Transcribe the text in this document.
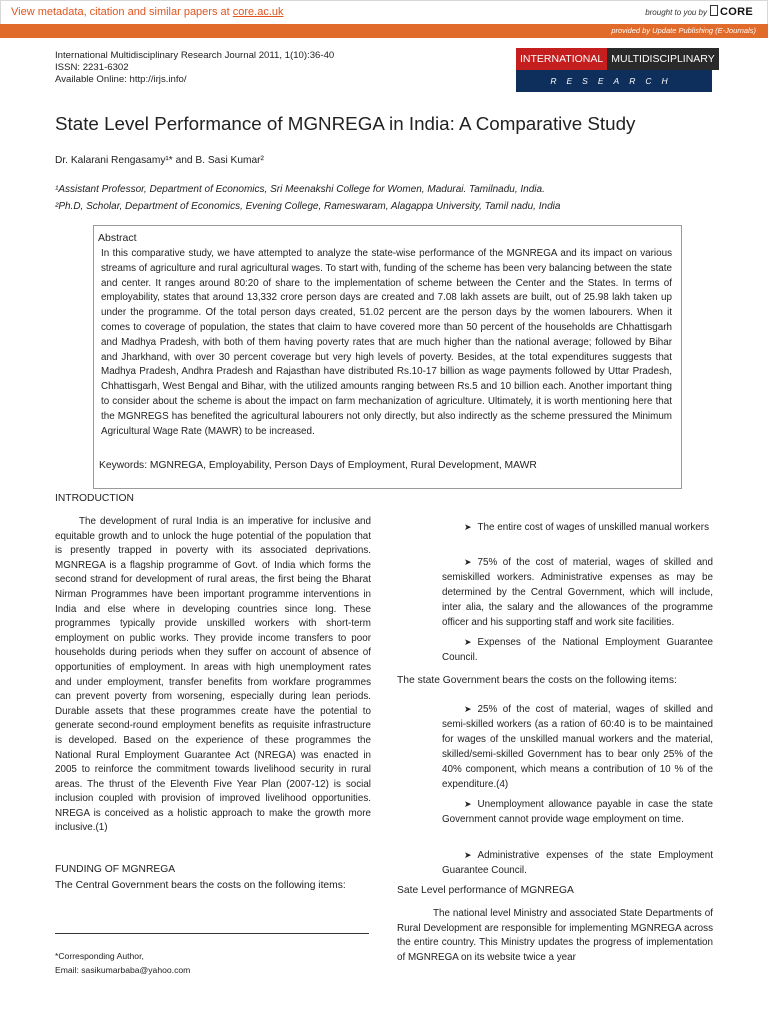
View metadata, citation and similar papers at core.ac.uk	brought to you by CORE
provided by Update Publishing (E-Journals)
International Multidisciplinary Research Journal 2011, 1(10):36-40
ISSN: 2231-6302
Available Online: http://irjs.info/
INTERNATIONAL MULTIDISCIPLINARY
RESEARCH JOURNAL
State Level Performance of MGNREGA in India: A Comparative Study
Dr. Kalarani Rengasamy¹* and B. Sasi Kumar²
¹Assistant Professor, Department of Economics, Sri Meenakshi College for Women, Madurai. Tamilnadu, India.
²Ph.D, Scholar, Department of Economics, Evening College, Rameswaram, Alagappa University, Tamil nadu, India
Abstract
In this comparative study, we have attempted to analyze the state-wise performance of the MGNREGA and its impact on various streams of agriculture and rural agricultural wages. To start with, funding of the scheme has been very balancing between the state and center. It ranges around 80:20 of share to the implementation of scheme between the Center and the States. In terms of employability, states that around 13,332 crore person days are created and 7.08 lakh assets are built, out of 25.98 lakh taken up under the programme. Of the total person days created, 51.02 percent are the person days by the women labourers. When it comes to coverage of population, the states that claim to have covered more than 50 percent of the households are Chhattisgarh and Madhya Pradesh, with both of them having poverty rates that are much higher than the national average; followed by Bihar and Jharkhand, with over 30 percent coverage but very high levels of poverty. Besides, at the total expenditures suggests that Madhya Pradesh, Andhra Pradesh and Rajasthan have distributed Rs.10-17 billion as wage payments followed by Uttar Pradesh, Chhattisgarh, West Bengal and Bihar, with the utilized amounts ranging between Rs.5 and 10 billion each. Another important thing to consider about the scheme is about the impact on farm mechanization of agriculture. Ultimately, it is worth mentioning here that the MGNREGS has benefited the agricultural labourers not only directly, but also indirectly as the scheme pressured the Minimum Agricultural Wage Rate (MAWR) to be increased.
Keywords: MGNREGA, Employability, Person Days of Employment, Rural Development, MAWR
INTRODUCTION
The development of rural India is an imperative for inclusive and equitable growth and to unlock the huge potential of the population that is presently trapped in poverty with its associated deprivations. MGNREGA is a flagship programme of Govt. of India which forms the second strand for development of rural areas, the first being the Bharat Nirman Programmes have been important programme interventions in India and else where in developing countries since long. These programmes typically provide unskilled workers with short-term employment on public works. They provide income transfers to poor households during periods when they suffer on account of absence of opportunities of employment. In areas with high unemployment rates and under employment, transfer benefits from workfare programmes can prevent poverty from worsening, especially during lean periods. Durable assets that these programmes create have the potential to generate second-round employment benefits as requisite infrastructure is developed. Based on the experience of these programmes the National Rural Employment Guarantee Act (NREGA) was enacted in 2005 to reinforce the commitment towards livelihood security in rural areas. The thrust of the Eleventh Five Year Plan (2007-12) is social inclusion coupled with provision of improved livelihood opportunities. NREGA is conceived as a holistic approach to make the growth more inclusive.(1)
FUNDING OF MGNREGA
The Central Government bears the costs on the following items:
*Corresponding Author,
Email: sasikumarbaba@yahoo.com
➤ The entire cost of wages of unskilled manual workers
➤ 75% of the cost of material, wages of skilled and semiskilled workers. Administrative expenses as may be determined by the Central Government, which will include, inter alia, the salary and the allowances of the programme officer and his supporting staff and work site facilities.
➤ Expenses of the National Employment Guarantee Council.
The state Government bears the costs on the following items:
➤ 25% of the cost of material, wages of skilled and semi-skilled workers (as a ration of 60:40 is to be maintained for wages of the unskilled manual workers and the material, skilled/semi-skilled Government has to bear only 25% of the 40% component, which means a contribution of 10 % of the expenditure.(4)
➤ Unemployment allowance payable in case the state Government cannot provide wage employment on time.
➤ Administrative expenses of the state Employment Guarantee Council.
Sate Level performance of MGNREGA
The national level Ministry and associated State Departments of Rural Development are responsible for implementing MGNREGA across the entire country. This Ministry updates the progress of implementation of MGNREGA on its website twice a year
